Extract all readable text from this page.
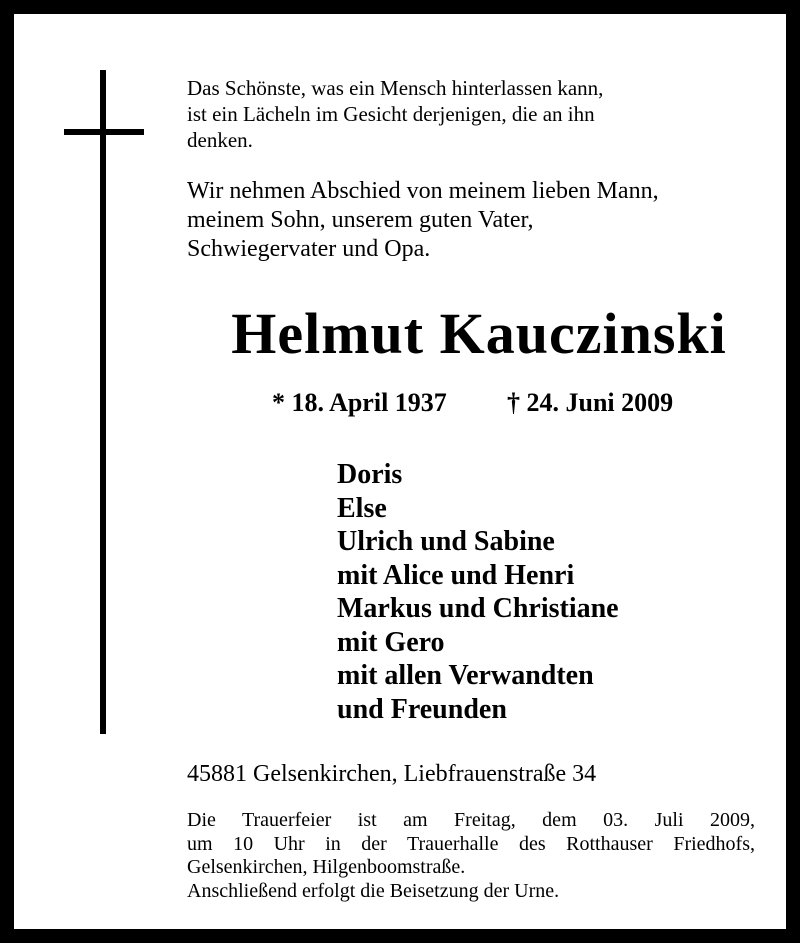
Das Schönste, was ein Mensch hinterlassen kann,
ist ein Lächeln im Gesicht derjenigen, die an ihn
denken.

Wir nehmen Abschied von meinem lieben Mann,
meinem Sohn, unserem guten Vater,
Schwiegervater und Opa.

Helmut Kauczinski
* 18. April 1937 † 24. Juni 2009
Doris
Else
Ulrich und Sabine
mit Alice und Henri
Markus und Christiane
mit Gero
mit allen Verwandten
und Freunden
45881 Gelsenkirchen, Liebfrauenstraße 34

Die Trauerfeier ist am Freitag, dem 03. Juli 2009,
um 10 Uhr in der Trauerhalle des Rotthauser Friedhofs,
Gelsenkirchen, Hilgenboomstraße.
Anschließend erfolgt die Beisetzung der Urne.
